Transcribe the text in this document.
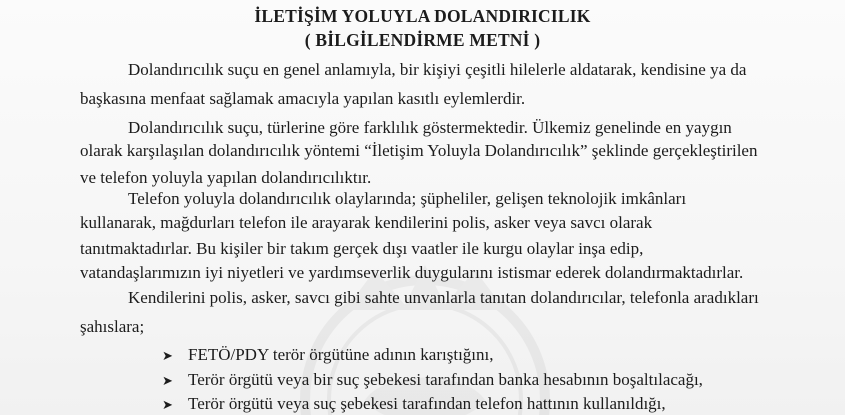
İLETİŞİM YOLUYLA DOLANDIRICILIK
( BİLGİLENDİRME METNİ )
Dolandırıcılık suçu en genel anlamıyla, bir kişiyi çeşitli hilelerle aldatarak, kendisine ya da
başkasına menfaat sağlamak amacıyla yapılan kasıtlı eylemlerdir.
Dolandırıcılık suçu, türlerine göre farklılık göstermektedir. Ülkemiz genelinde en yaygın
olarak karşılaşılan dolandırıcılık yöntemi “İletişim Yoluyla Dolandırıcılık” şeklinde gerçekleştirilen
ve telefon yoluyla yapılan dolandırıcılıktır.
Telefon yoluyla dolandırıcılık olaylarında; şüpheliler, gelişen teknolojik imkânları
kullanarak, mağdurları telefon ile arayarak kendilerini polis, asker veya savcı olarak
tanıtmaktadırlar. Bu kişiler bir takım gerçek dışı vaatler ile kurgu olaylar inşa edip,
vatandaşlarımızın iyi niyetleri ve yardımseverlik duygularını istismar ederek dolandırmaktadırlar.
Kendilerini polis, asker, savcı gibi sahte unvanlarla tanıtan dolandırıcılar, telefonla aradıkları
şahıslara;
➤ FETÖ/PDY terör örgütüne adının karıştığını,
➤ Terör örgütü veya bir suç şebekesi tarafından banka hesabının boşaltılacağı,
➤ Terör örgütü veya suç şebekesi tarafından telefon hattının kullanıldığı,
